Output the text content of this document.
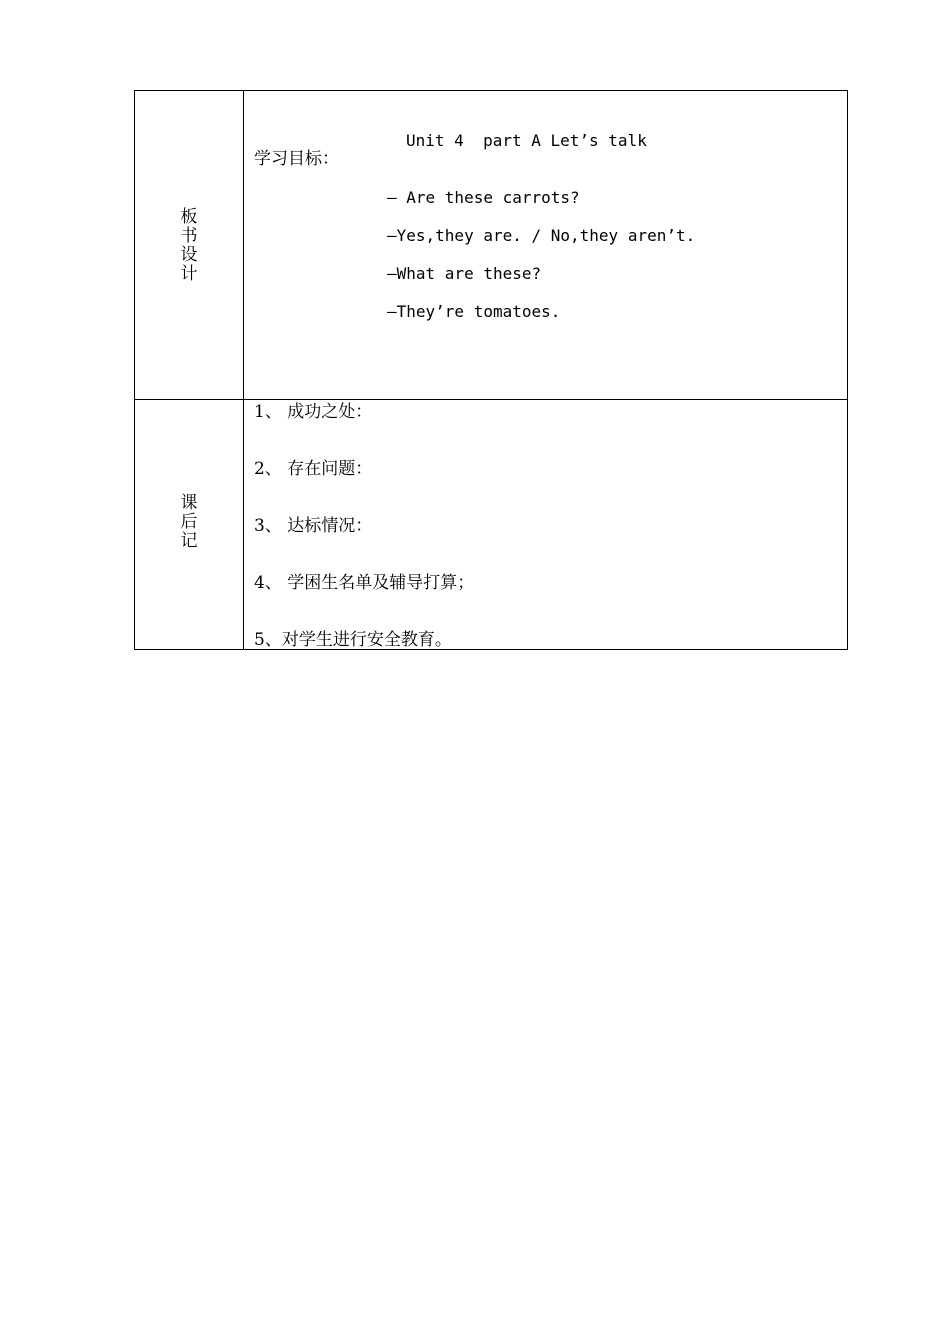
板
书
设
计
Unit 4  part A Let’s talk
学习目标：
— Are these carrots?
—Yes,they are. / No,they aren’t.
—What are these?
—They’re tomatoes.
课
后
记
1、 成功之处：
2、 存在问题：
3、 达标情况：
4、 学困生名单及辅导打算；
5、对学生进行安全教育。
